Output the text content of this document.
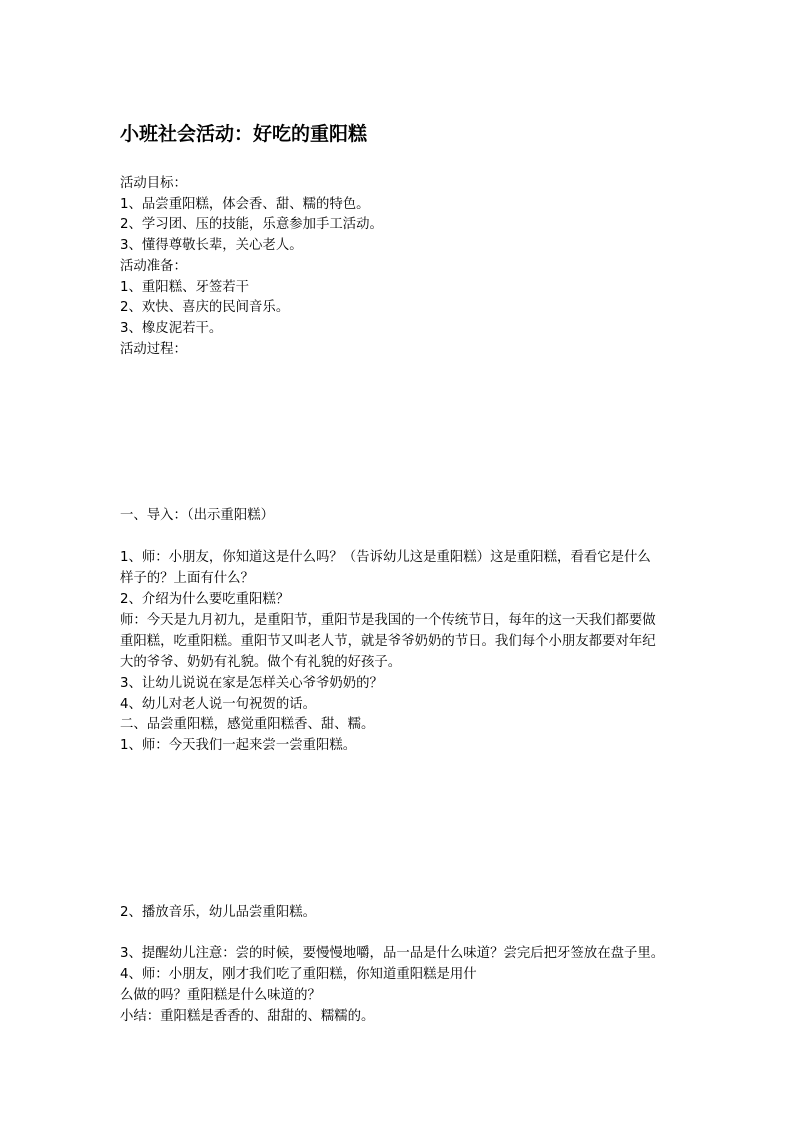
小班社会活动：好吃的重阳糕
活动目标：
1、品尝重阳糕，体会香、甜、糯的特色。
2、学习团、压的技能，乐意参加手工活动。
3、懂得尊敬长辈，关心老人。
活动准备：
1、重阳糕、牙签若干
2、欢快、喜庆的民间音乐。
3、橡皮泥若干。
活动过程：
一、导入：（出示重阳糕）
1、师：小朋友，你知道这是什么吗？（告诉幼儿这是重阳糕）这是重阳糕，看看它是什么
样子的？上面有什么？
2、介绍为什么要吃重阳糕？
师：今天是九月初九，是重阳节，重阳节是我国的一个传统节日，每年的这一天我们都要做
重阳糕，吃重阳糕。重阳节又叫老人节，就是爷爷奶奶的节日。我们每个小朋友都要对年纪
大的爷爷、奶奶有礼貌。做个有礼貌的好孩子。
3、让幼儿说说在家是怎样关心爷爷奶奶的？
4、幼儿对老人说一句祝贺的话。
二、品尝重阳糕，感觉重阳糕香、甜、糯。
1、师：今天我们一起来尝一尝重阳糕。
2、播放音乐，幼儿品尝重阳糕。
3、提醒幼儿注意：尝的时候，要慢慢地嚼，品一品是什么味道？尝完后把牙签放在盘子里。
4、师：小朋友，刚才我们吃了重阳糕，你知道重阳糕是用什
么做的吗？重阳糕是什么味道的？
小结：重阳糕是香香的、甜甜的、糯糯的。
